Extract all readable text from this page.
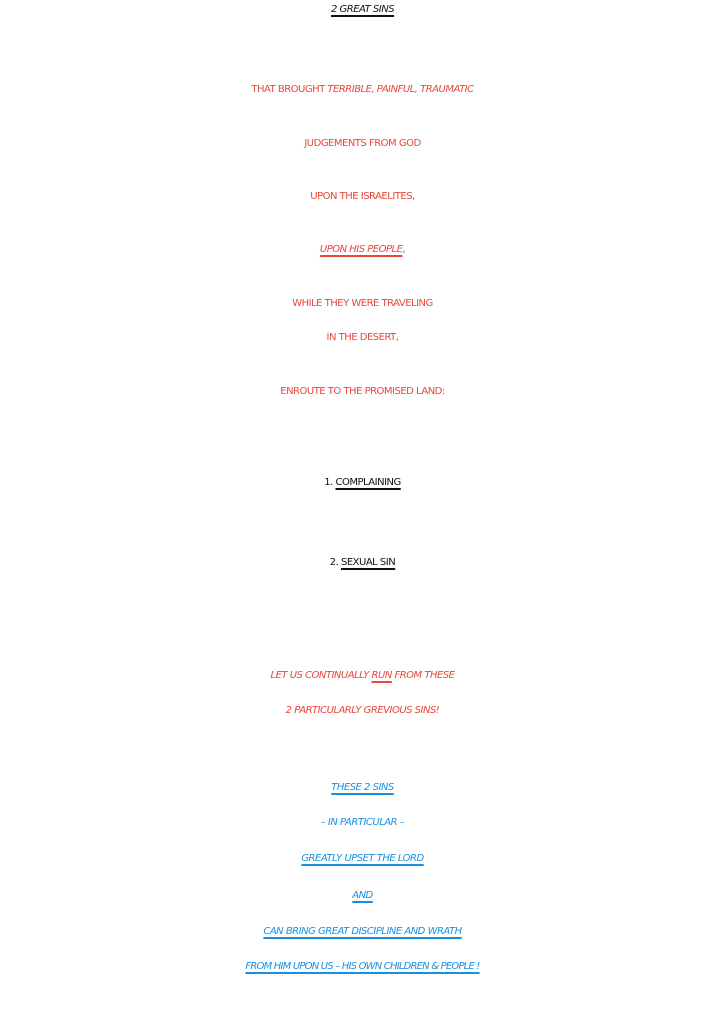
2 GREAT SINS
THAT BROUGHT TERRIBLE, PAINFUL, TRAUMATIC
JUDGEMENTS FROM GOD
UPON THE ISRAELITES,
UPON HIS PEOPLE,
WHILE THEY WERE TRAVELING
IN THE DESERT,
ENROUTE TO THE PROMISED LAND:
1. COMPLAINING
2. SEXUAL SIN
LET US CONTINUALLY RUN FROM THESE
2 PARTICULARLY GREVIOUS SINS!
THESE 2 SINS
– IN PARTICULAR –
GREATLY UPSET THE LORD
AND
CAN BRING GREAT DISCIPLINE AND WRATH
FROM HIM UPON US – HIS OWN CHILDREN & PEOPLE !
